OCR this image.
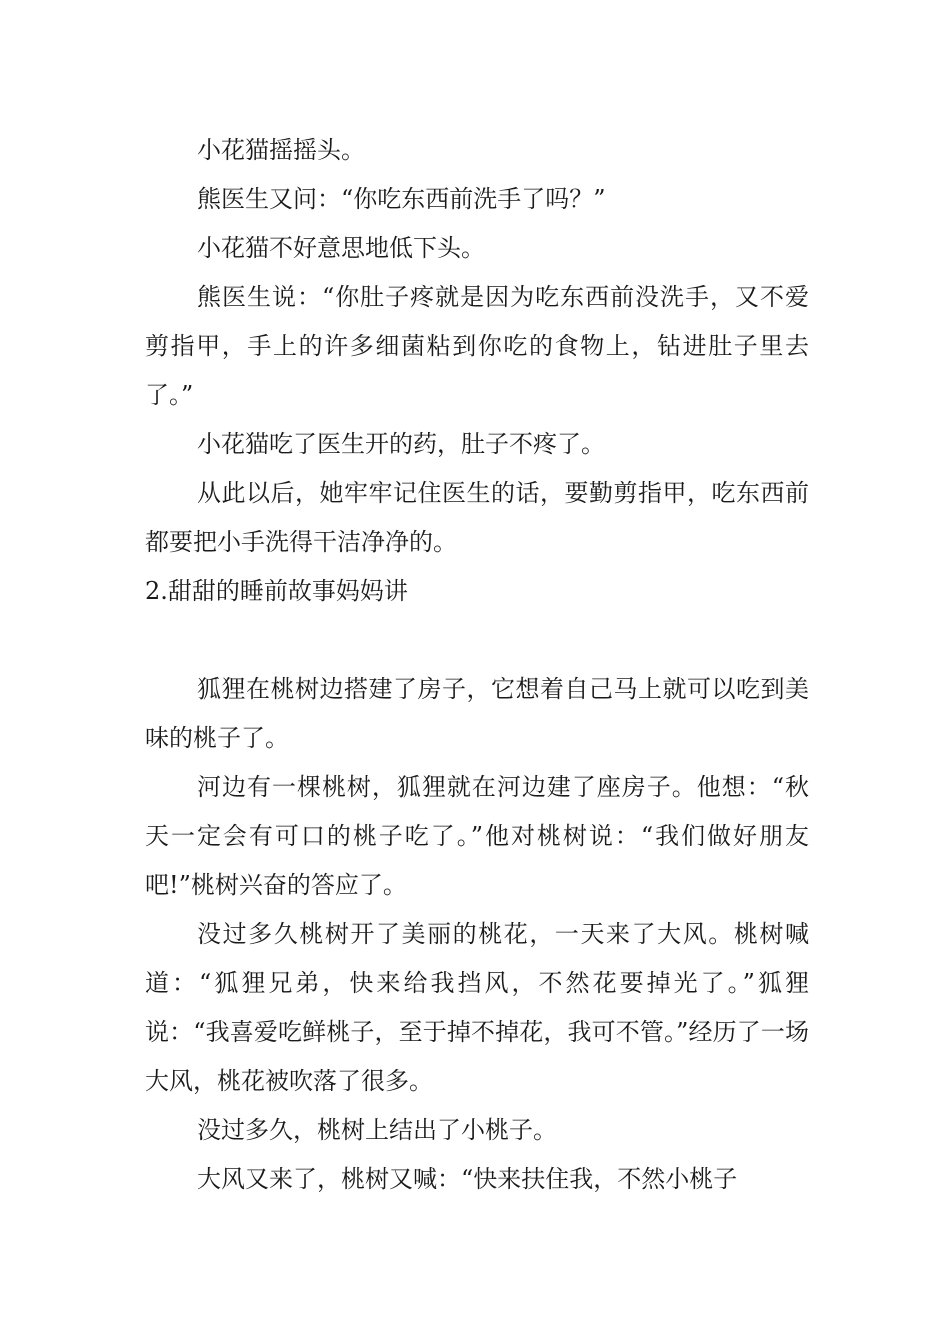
小花猫摇摇头。

熊医生又问：“你吃东西前洗手了吗？”

小花猫不好意思地低下头。

熊医生说：“你肚子疼就是因为吃东西前没洗手，又不爱剪指甲，手上的许多细菌粘到你吃的食物上，钻进肚子里去了。”

小花猫吃了医生开的药，肚子不疼了。

从此以后，她牢牢记住医生的话，要勤剪指甲，吃东西前都要把小手洗得干洁净净的。

2.甜甜的睡前故事妈妈讲

狐狸在桃树边搭建了房子，它想着自己马上就可以吃到美味的桃子了。

河边有一棵桃树，狐狸就在河边建了座房子。他想：“秋天一定会有可口的桃子吃了。”他对桃树说：“我们做好朋友吧!”桃树兴奋的答应了。

没过多久桃树开了美丽的桃花，一天来了大风。桃树喊道：“狐狸兄弟，快来给我挡风，不然花要掉光了。”狐狸说：“我喜爱吃鲜桃子，至于掉不掉花，我可不管。”经历了一场大风，桃花被吹落了很多。

没过多久，桃树上结出了小桃子。

大风又来了，桃树又喊：“快来扶住我，不然小桃子
